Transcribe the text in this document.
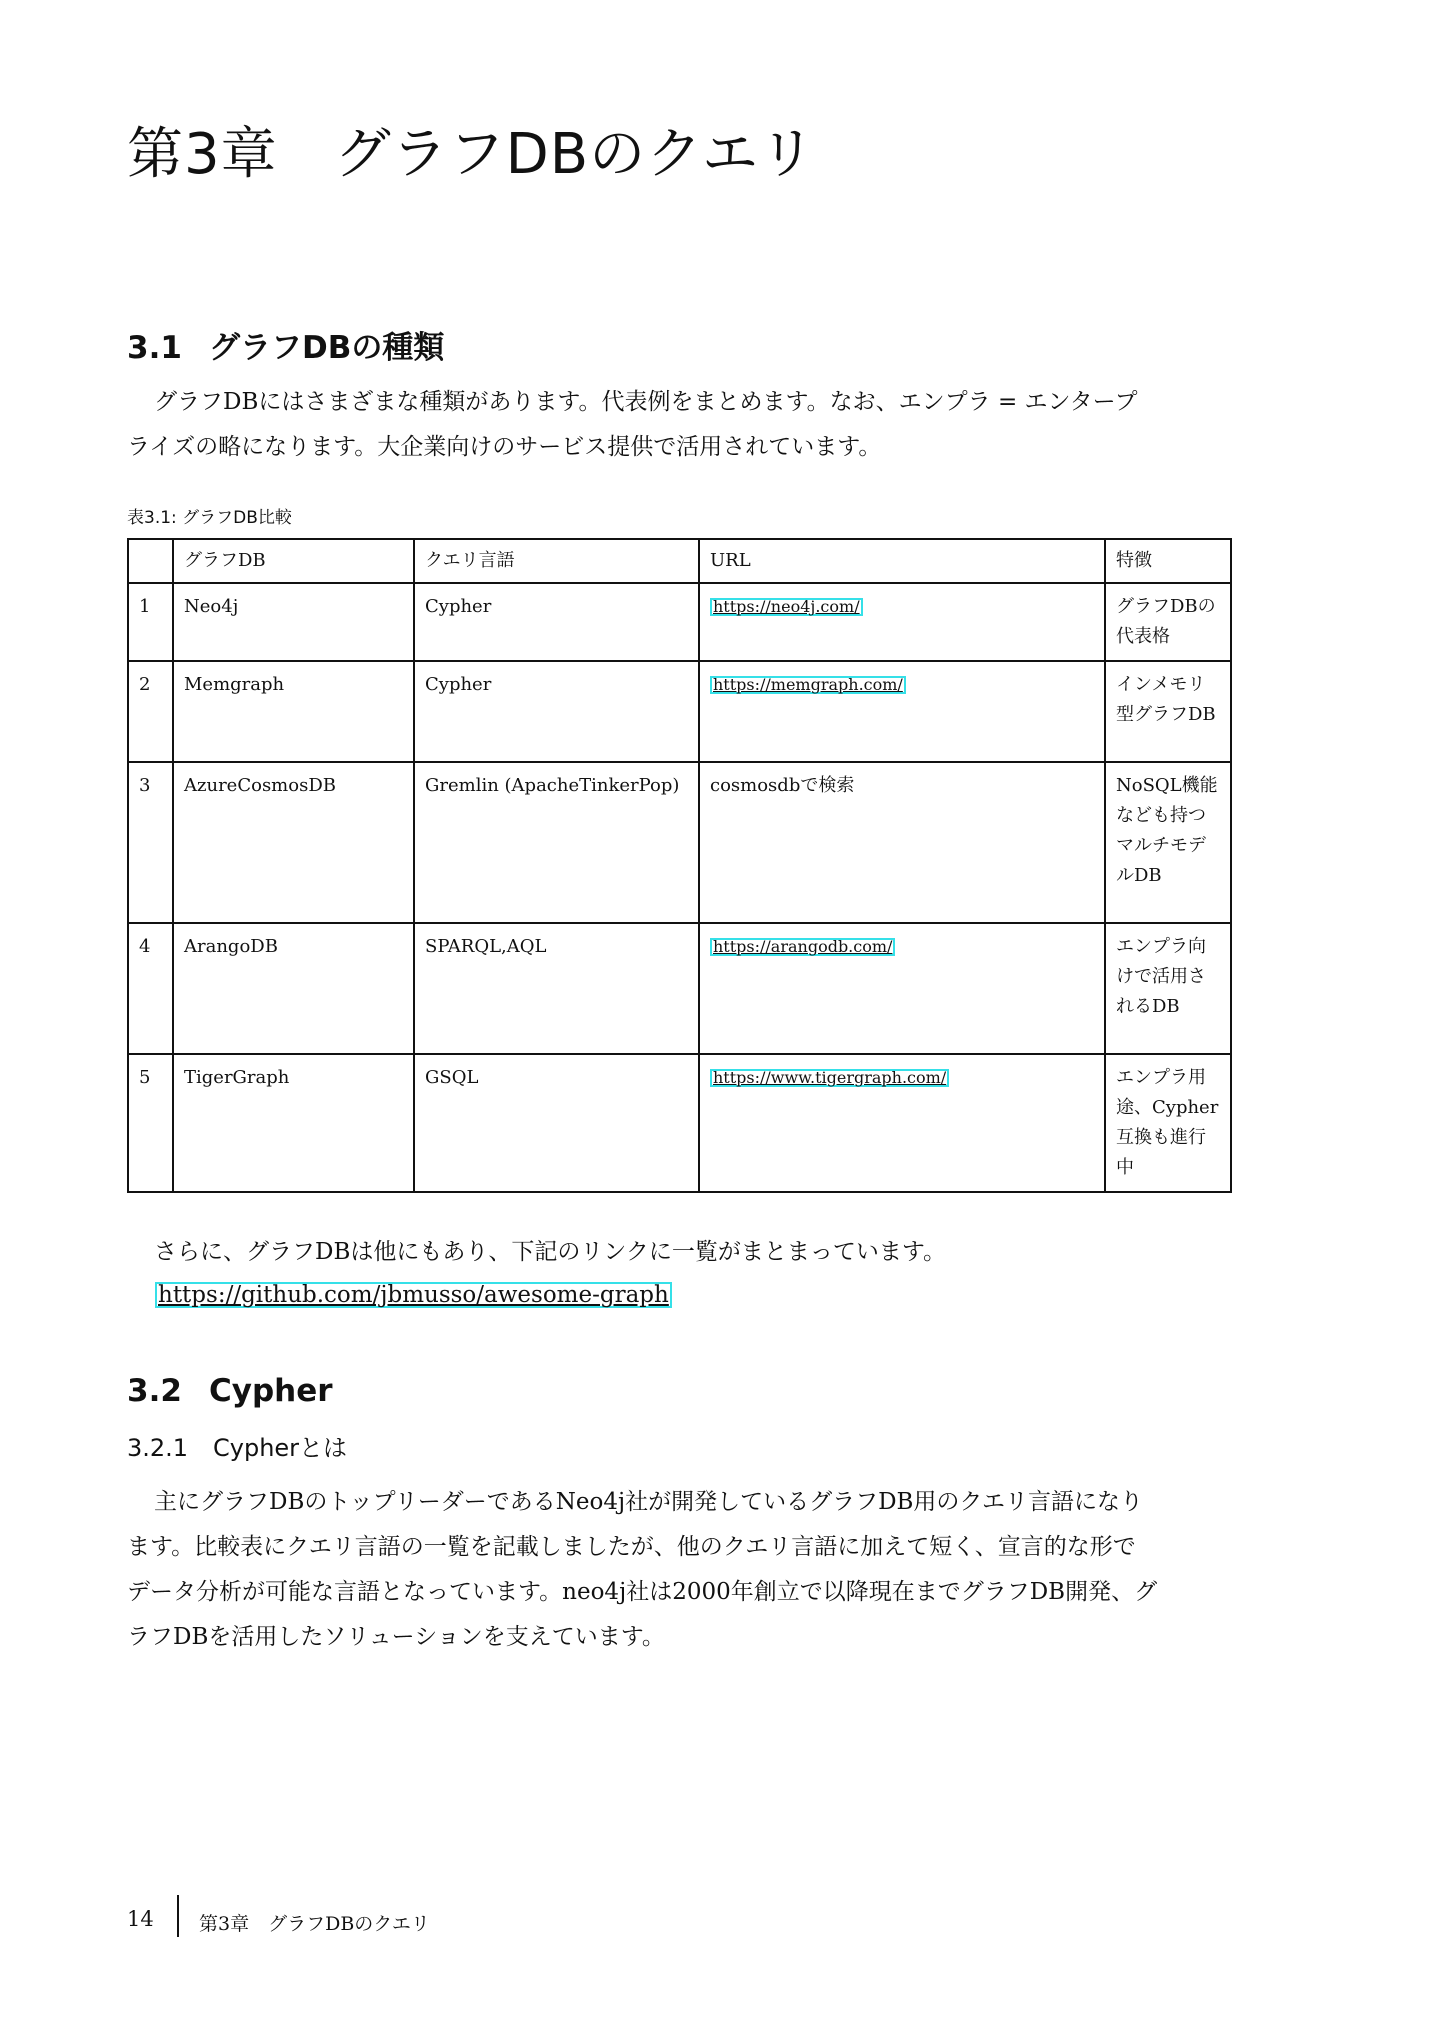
第3章　グラフDBのクエリ
3.1 グラフDBの種類

グラフDBにはさまざまな種類があります。代表例をまとめます。なお、エンプラ = エンタープ

ライズの略になります。大企業向けのサービス提供で活用されています。

表3.1: グラフDB比較

	グラフDB	クエリ言語	URL	特徴
1	Neo4j	Cypher	https://neo4j.com/	グラフDBの代表格
2	Memgraph	Cypher	https://memgraph.com/	インメモリ型グラフDB
3	AzureCosmosDB	Gremlin (ApacheTinkerPop)	cosmosdbで検索	NoSQL機能なども持つマルチモデルDB
4	ArangoDB	SPARQL,AQL	https://arangodb.com/	エンプラ向けで活用されるDB
5	TigerGraph	GSQL	https://www.tigergraph.com/	エンプラ用途、Cypher互換も進行中

さらに、グラフDBは他にもあり、下記のリンクに一覧がまとまっています。

https://github.com/jbmusso/awesome-graph
3.2 Cypher
3.2.1 Cypherとは

主にグラフDBのトップリーダーであるNeo4j社が開発しているグラフDB用のクエリ言語になり

ます。比較表にクエリ言語の一覧を記載しましたが、他のクエリ言語に加えて短く、宣言的な形で

データ分析が可能な言語となっています。neo4j社は2000年創立で以降現在までグラフDB開発、グ

ラフDBを活用したソリューションを支えています。

14 第3章　グラフDBのクエリ
